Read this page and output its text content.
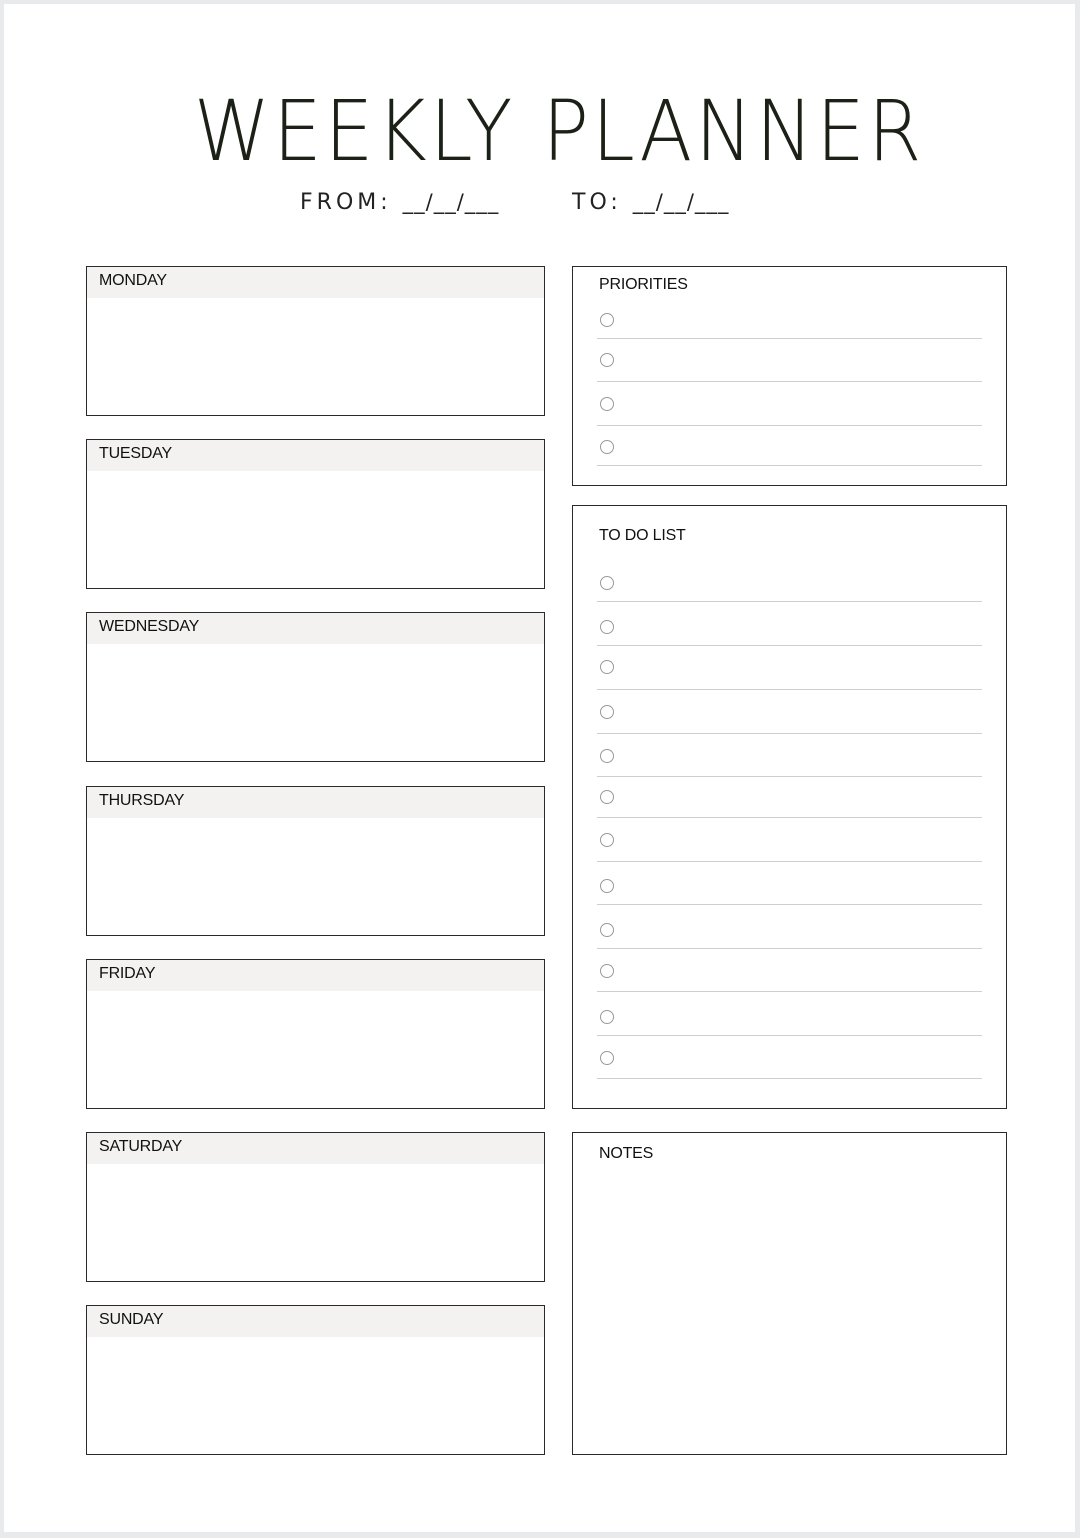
WEEKLY PLANNER
FROM: __/__/___	TO: __/__/___
MONDAY
TUESDAY
WEDNESDAY
THURSDAY
FRIDAY
SATURDAY
SUNDAY
PRIORITIES
TO DO LIST
NOTES
